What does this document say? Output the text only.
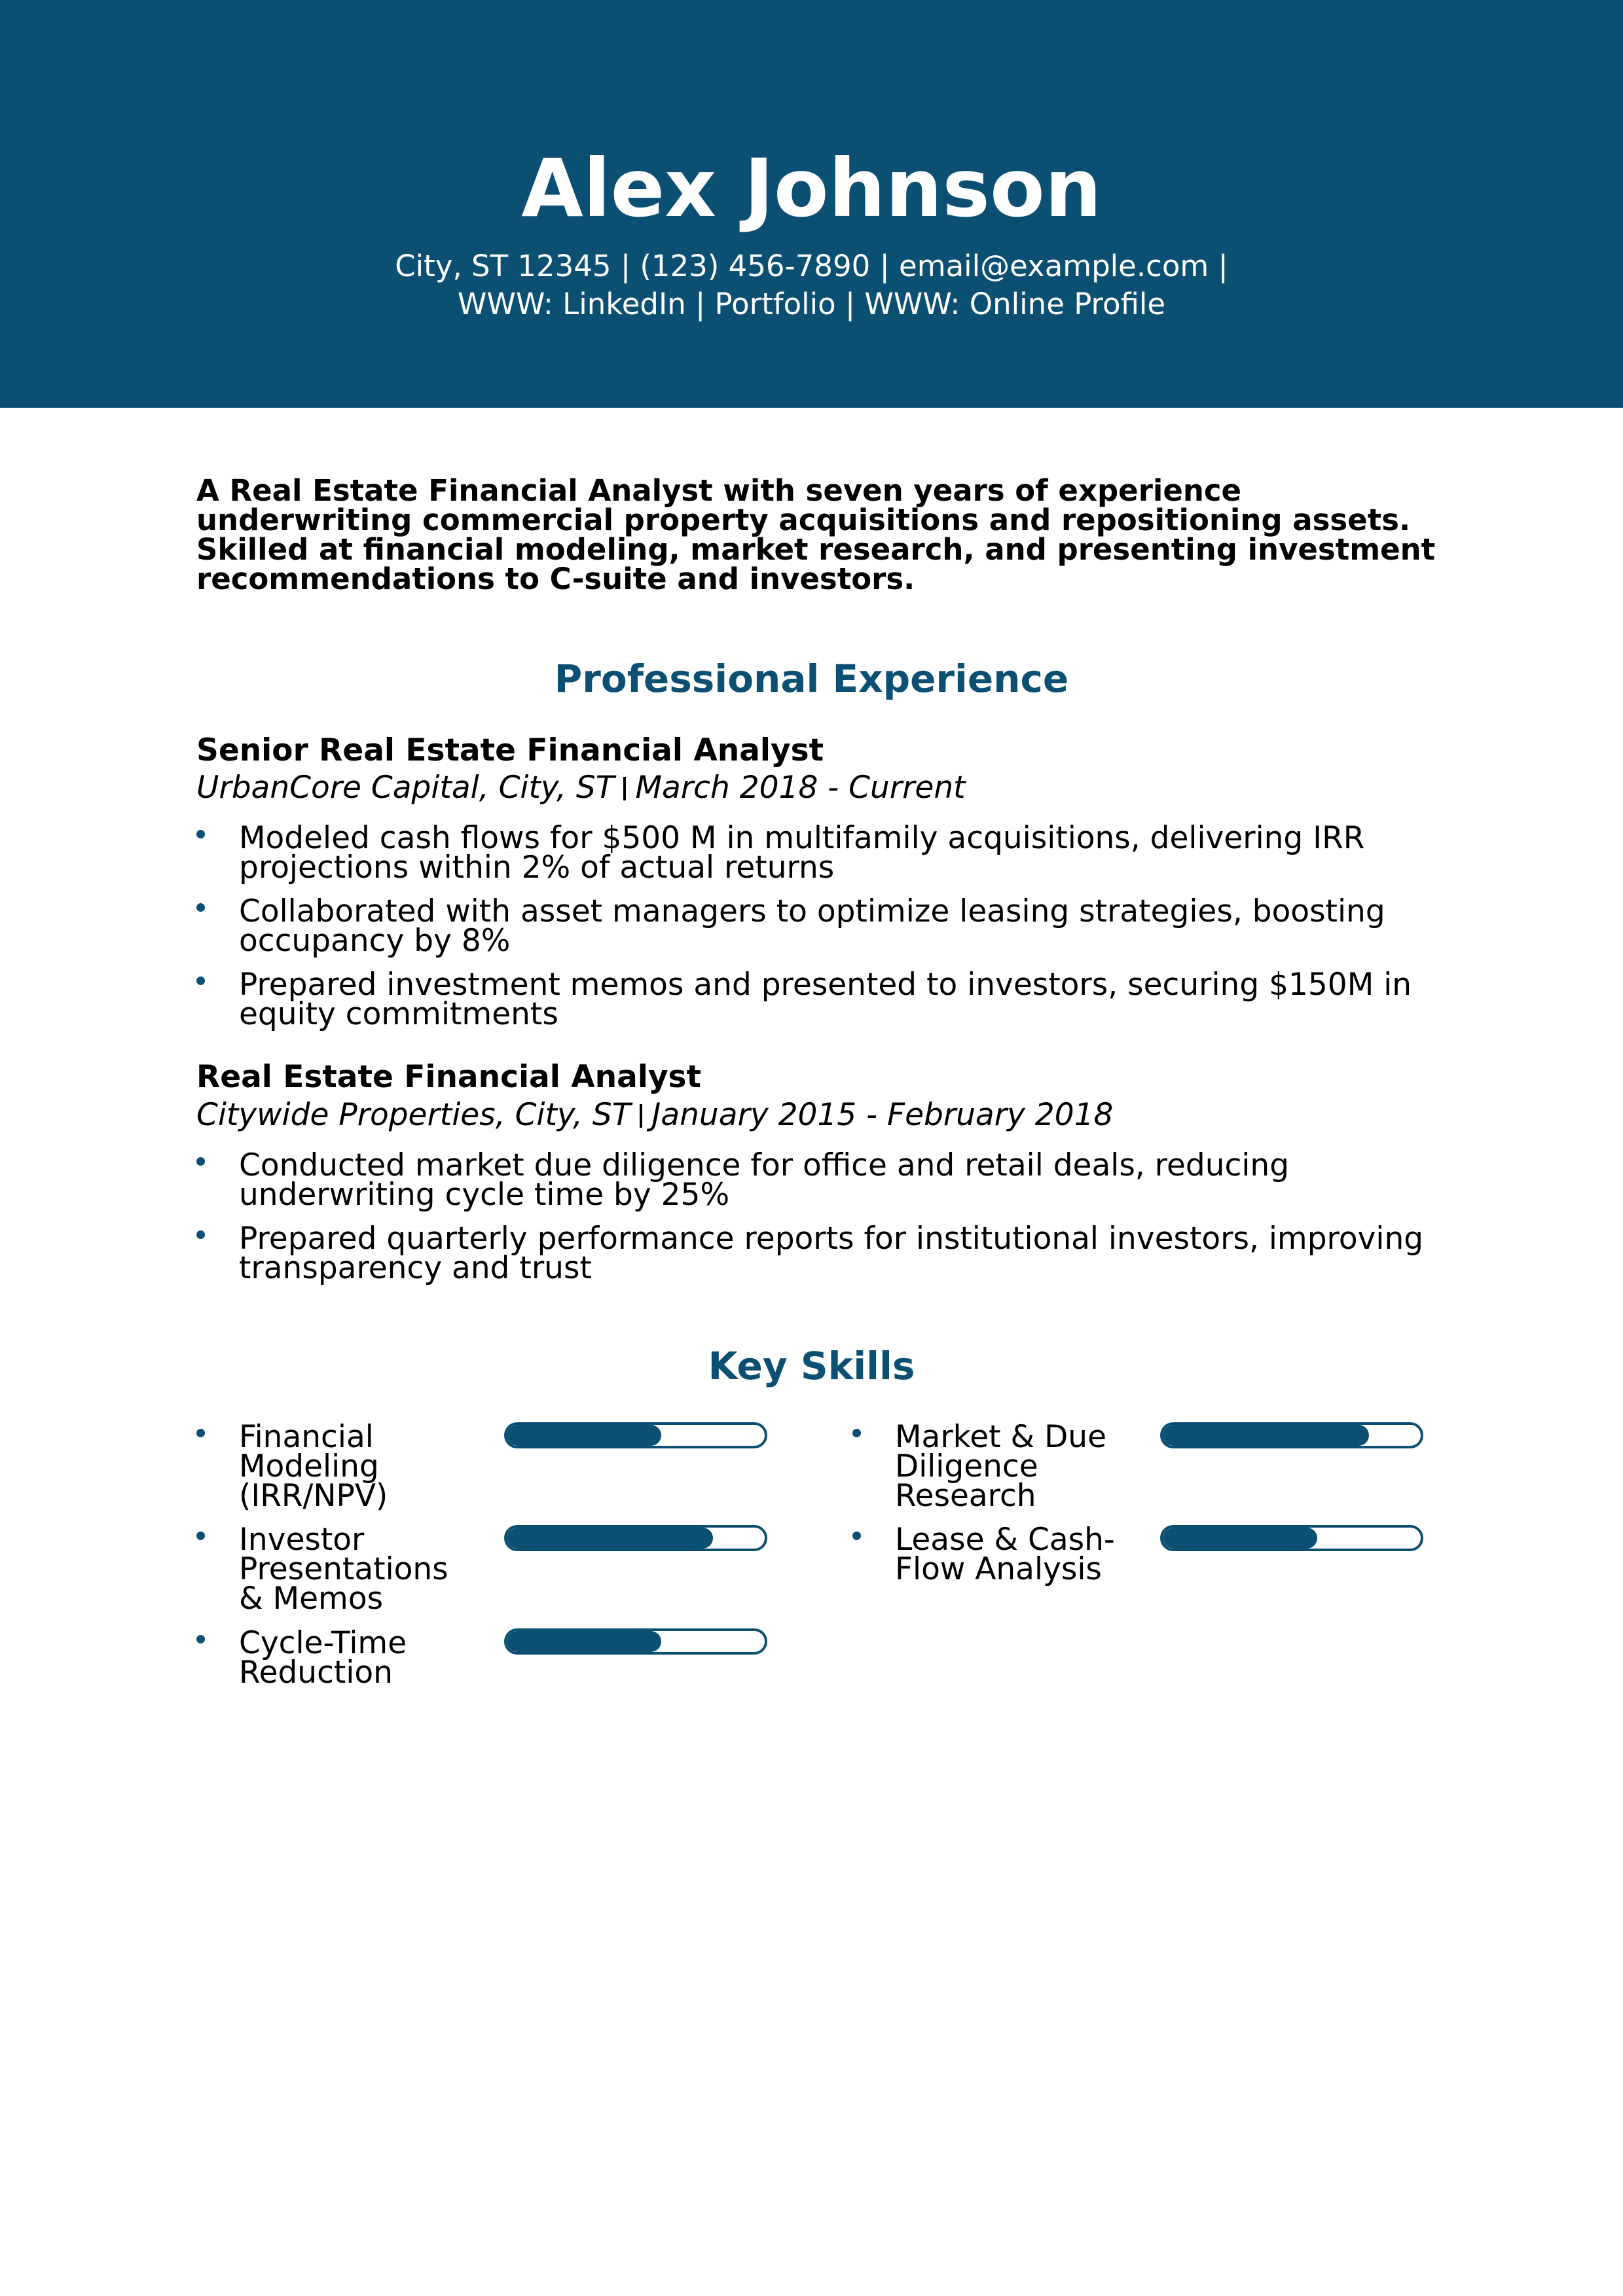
Alex Johnson
City, ST 12345 | (123) 456-7890 | email@example.com |
WWW: LinkedIn | Portfolio | WWW: Online Profile

A Real Estate Financial Analyst with seven years of experience underwriting commercial property acquisitions and repositioning assets. Skilled at financial modeling, market research, and presenting investment recommendations to C-suite and investors.

Professional Experience
Senior Real Estate Financial Analyst
UrbanCore Capital, City, ST March 2018 - Current
Modeled cash flows for $500 M in multifamily acquisitions, delivering IRR projections within 2% of actual returns
Collaborated with asset managers to optimize leasing strategies, boosting occupancy by 8%
Prepared investment memos and presented to investors, securing $150M in equity commitments
Real Estate Financial Analyst
Citywide Properties, City, ST January 2015 - February 2018
Conducted market due diligence for office and retail deals, reducing underwriting cycle time by 25%
Prepared quarterly performance reports for institutional investors, improving transparency and trust
Key Skills
Financial Modeling (IRR/NPV)
Market & Due Diligence Research
Investor Presentations & Memos
Lease & Cash-Flow Analysis
Cycle-Time Reduction
